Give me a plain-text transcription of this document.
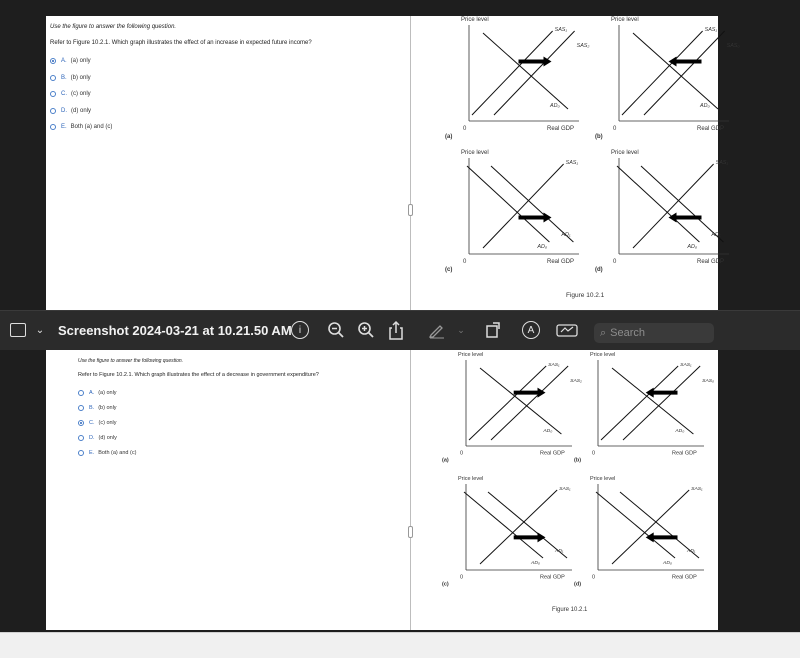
Use the figure to answer the following question.
Refer to Figure 10.2.1. Which graph illustrates the effect of an increase in expected future income?
A. (a) only
B. (b) only
C. (c) only
D. (d) only
E. Both (a) and (c)
Price level
Real GDP
0
(a)
SAS₁
SAS₂
AD₀
Price level
Real GDP
0
(b)
SAS₁
SAS₀
AD₀
Price level
Real GDP
0
(c)
SAS₁
AD₁
AD₀
Price level
Real GDP
0
(d)
SAS₁
AD₁
AD₀
Figure 10.2.1
⌄ Screenshot 2024-03-21 at 10.21.50 AM i	⌄	A	⌕ Search
Use the figure to answer the following question.
Refer to Figure 10.2.1. Which graph illustrates the effect of a decrease in government expenditure?
A. (a) only
B. (b) only
C. (c) only
D. (d) only
E. Both (a) and (c)
Price level
Real GDP
0
(a)
SAS₁
SAS₂
AD₀
Price level
Real GDP
0
(b)
SAS₁
SAS₀
AD₀
Price level
Real GDP
0
(c)
SAS₁
AD₁
AD₀
Price level
Real GDP
0
(d)
SAS₁
AD₁
AD₀
Figure 10.2.1
